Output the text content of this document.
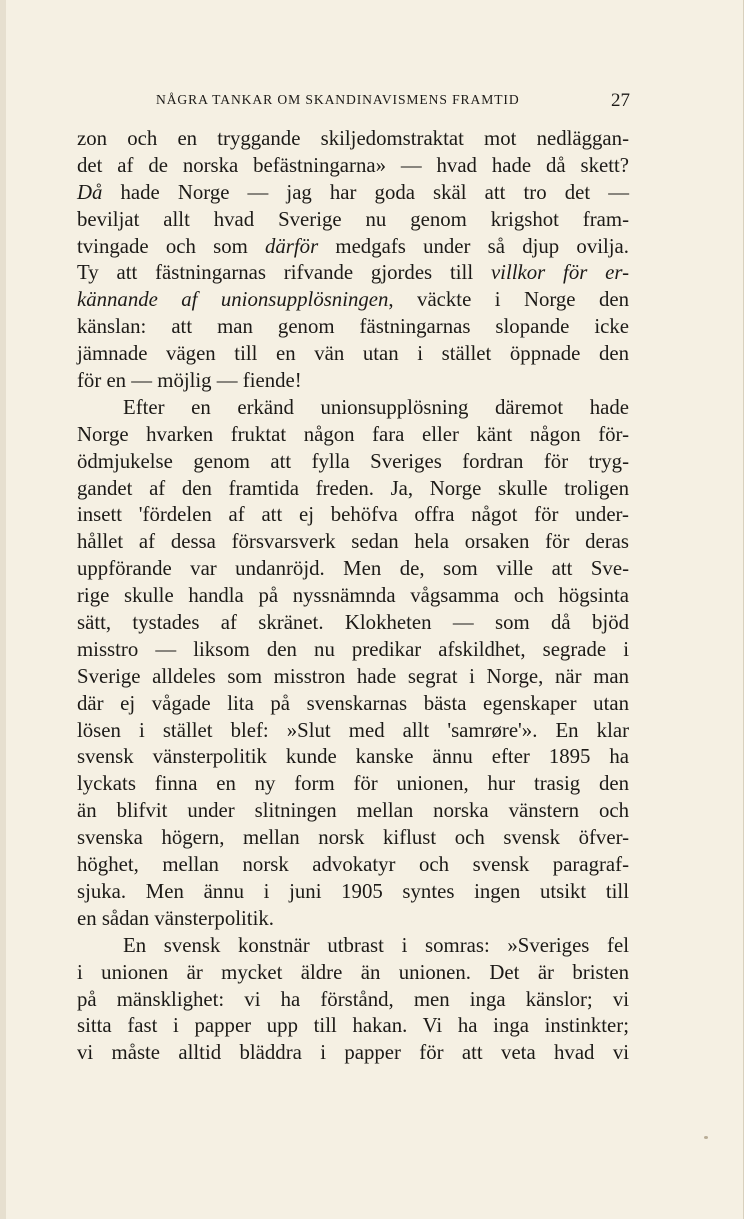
NÅGRA TANKAR OM SKANDINAVISMENS FRAMTID	27
zon och en tryggande skiljedomstraktat mot nedläggan-
det af de norska befästningarna» — hvad hade då skett?
Då hade Norge — jag har goda skäl att tro det —
beviljat allt hvad Sverige nu genom krigshot fram-
tvingade och som därför medgafs under så djup ovilja.
Ty att fästningarnas rifvande gjordes till villkor för er-
kännande af unionsupplösningen, väckte i Norge den
känslan: att man genom fästningarnas slopande icke
jämnade vägen till en vän utan i stället öppnade den
för en — möjlig — fiende!
Efter en erkänd unionsupplösning däremot hade
Norge hvarken fruktat någon fara eller känt någon för-
ödmjukelse genom att fylla Sveriges fordran för tryg-
gandet af den framtida freden. Ja, Norge skulle troligen
insett 'fördelen af att ej behöfva offra något för under-
hållet af dessa försvarsverk sedan hela orsaken för deras
uppförande var undanröjd. Men de, som ville att Sve-
rige skulle handla på nyssnämnda vågsamma och högsinta
sätt, tystades af skränet. Klokheten — som då bjöd
misstro — liksom den nu predikar afskildhet, segrade i
Sverige alldeles som misstron hade segrat i Norge, när man
där ej vågade lita på svenskarnas bästa egenskaper utan
lösen i stället blef: »Slut med allt 'samrøre'». En klar
svensk vänsterpolitik kunde kanske ännu efter 1895 ha
lyckats finna en ny form för unionen, hur trasig den
än blifvit under slitningen mellan norska vänstern och
svenska högern, mellan norsk kiflust och svensk öfver-
höghet, mellan norsk advokatyr och svensk paragraf-
sjuka. Men ännu i juni 1905 syntes ingen utsikt till
en sådan vänsterpolitik.
En svensk konstnär utbrast i somras: »Sveriges fel
i unionen är mycket äldre än unionen. Det är bristen
på mänsklighet: vi ha förstånd, men inga känslor; vi
sitta fast i papper upp till hakan. Vi ha inga instinkter;
vi måste alltid bläddra i papper för att veta hvad vi
